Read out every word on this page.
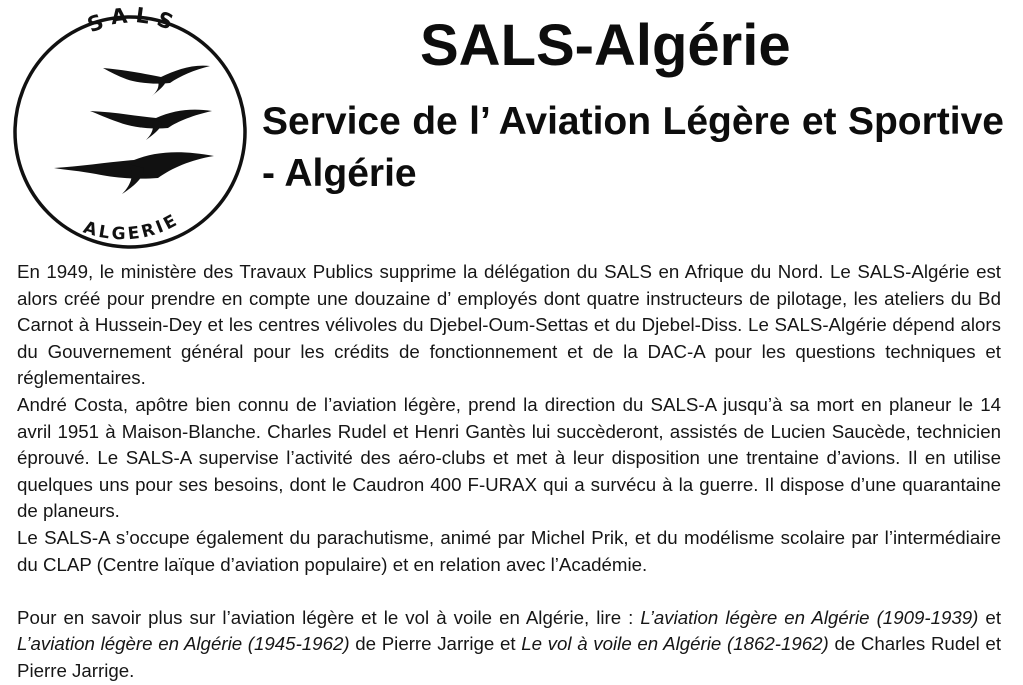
SALS
ALGERIE
SALS-Algérie
Service de l’ Aviation Légère et Sportive - Algérie

En 1949, le ministère des Travaux Publics supprime la délégation du SALS en Afrique du Nord. Le SALS-Algérie est alors créé pour prendre en compte une douzaine d’ employés dont quatre instructeurs de pilotage, les ateliers du Bd Carnot à Hussein-Dey et les centres vélivoles du Djebel-Oum-Settas et du Djebel-Diss. Le SALS-Algérie dépend alors du Gouvernement général pour les crédits de fonctionnement et de la DAC-A pour les questions techniques et réglementaires.

André Costa, apôtre bien connu de l’aviation légère, prend la direction du SALS-A jusqu’à sa mort en planeur le 14 avril 1951 à Maison-Blanche. Charles Rudel et Henri Gantès lui succèderont, assistés de Lucien Saucède, technicien éprouvé. Le SALS-A supervise l’activité des aéro-clubs et met à leur disposition une trentaine d’avions. Il en utilise quelques uns pour ses besoins, dont le Caudron 400 F-URAX qui a survécu à la guerre. Il dispose d’une quarantaine de planeurs.

Le SALS-A s’occupe également du parachutisme, animé par Michel Prik, et du modélisme scolaire par l’intermédiaire du CLAP (Centre laïque d’aviation populaire) et en relation avec l’Académie.

Pour en savoir plus sur l’aviation légère et le vol à voile en Algérie, lire : L’aviation légère en Algérie (1909-1939) et L’aviation légère en Algérie (1945-1962) de Pierre Jarrige et Le vol à voile en Algérie (1862-1962) de Charles Rudel et Pierre Jarrige.
